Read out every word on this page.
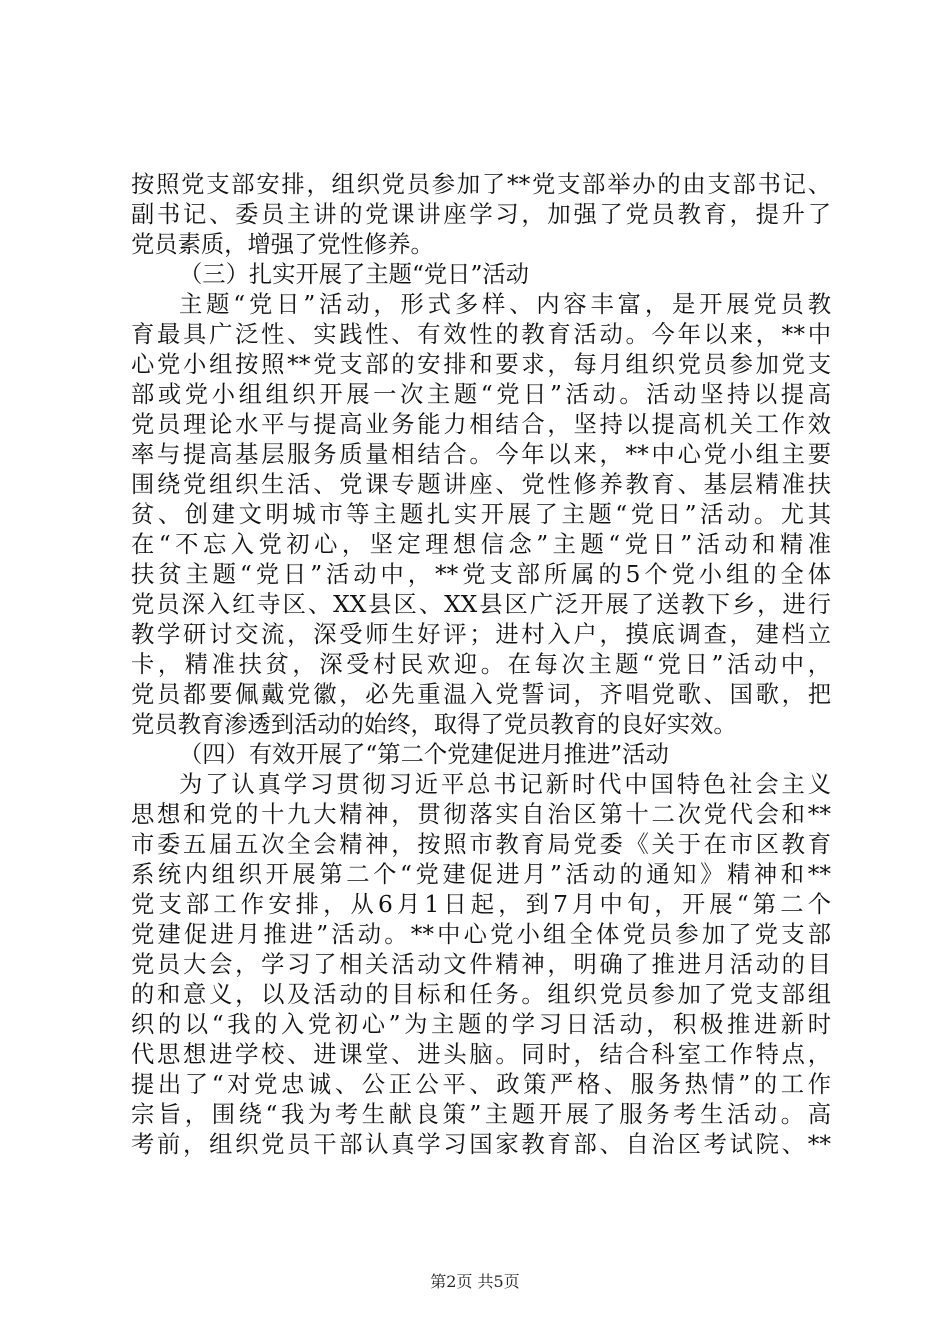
按照党支部安排，组织党员参加了**党支部举办的由支部书记、
副书记、委员主讲的党课讲座学习，加强了党员教育，提升了
党员素质，增强了党性修养。
（三）扎实开展了主题“党日”活动
主题“党日”活动，形式多样、内容丰富，是开展党员教
育最具广泛性、实践性、有效性的教育活动。今年以来，**中
心党小组按照**党支部的安排和要求，每月组织党员参加党支
部或党小组组织开展一次主题“党日”活动。活动坚持以提高
党员理论水平与提高业务能力相结合，坚持以提高机关工作效
率与提高基层服务质量相结合。今年以来，**中心党小组主要
围绕党组织生活、党课专题讲座、党性修养教育、基层精准扶
贫、创建文明城市等主题扎实开展了主题“党日”活动。尤其
在“不忘入党初心，坚定理想信念”主题“党日”活动和精准
扶贫主题“党日”活动中，**党支部所属的5个党小组的全体
党员深入红寺区、XX县区、XX县区广泛开展了送教下乡，进行
教学研讨交流，深受师生好评；进村入户，摸底调查，建档立
卡，精准扶贫，深受村民欢迎。在每次主题“党日”活动中，
党员都要佩戴党徽，必先重温入党誓词，齐唱党歌、国歌，把
党员教育渗透到活动的始终，取得了党员教育的良好实效。
（四）有效开展了“第二个党建促进月推进”活动
为了认真学习贯彻习近平总书记新时代中国特色社会主义
思想和党的十九大精神，贯彻落实自治区第十二次党代会和**
市委五届五次全会精神，按照市教育局党委《关于在市区教育
系统内组织开展第二个“党建促进月”活动的通知》精神和**
党支部工作安排，从6月1日起，到7月中旬，开展“第二个
党建促进月推进”活动。**中心党小组全体党员参加了党支部
党员大会，学习了相关活动文件精神，明确了推进月活动的目
的和意义，以及活动的目标和任务。组织党员参加了党支部组
织的以“我的入党初心”为主题的学习日活动，积极推进新时
代思想进学校、进课堂、进头脑。同时，结合科室工作特点，
提出了“对党忠诚、公正公平、政策严格、服务热情”的工作
宗旨，围绕“我为考生献良策”主题开展了服务考生活动。高
考前，组织党员干部认真学习国家教育部、自治区考试院、**
第2页 共5页
